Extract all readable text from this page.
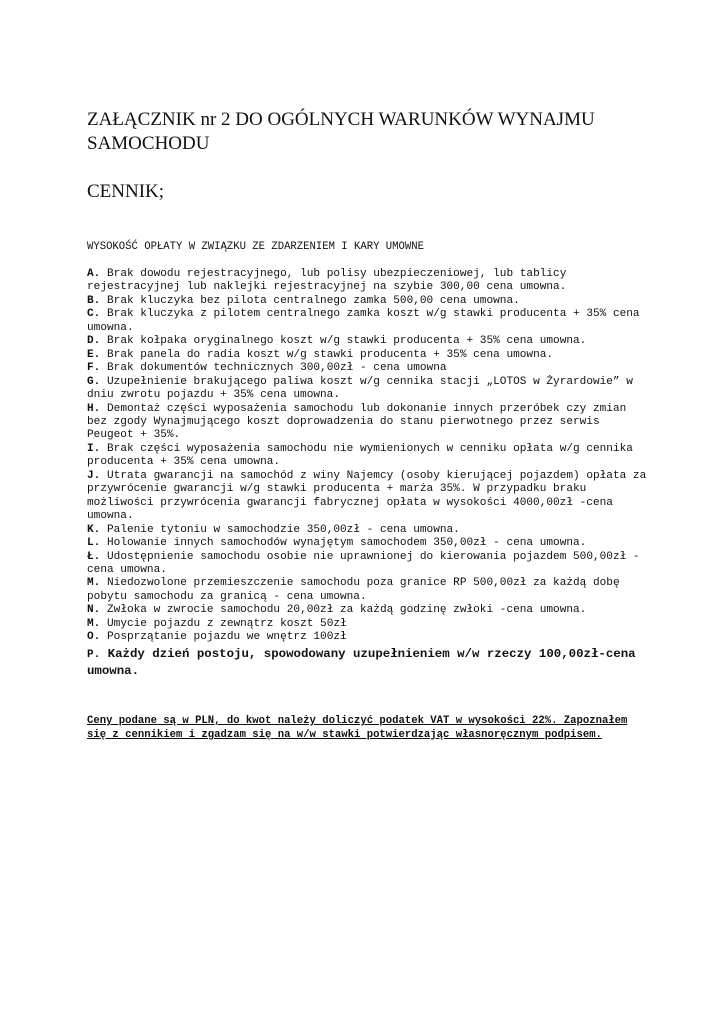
ZAŁĄCZNIK nr 2 DO OGÓLNYCH WARUNKÓW WYNAJMU SAMOCHODU
CENNIK;

WYSOKOŚĆ OPŁATY W ZWIĄZKU ZE ZDARZENIEM I KARY UMOWNE

A. Brak dowodu rejestracyjnego, lub polisy ubezpieczeniowej, lub tablicy rejestracyjnej lub naklejki rejestracyjnej na szybie 300,00 cena umowna.
B. Brak kluczyka bez pilota centralnego zamka 500,00 cena umowna.
C. Brak kluczyka z pilotem centralnego zamka koszt w/g stawki producenta + 35% cena umowna.
D. Brak kołpaka oryginalnego koszt w/g stawki producenta + 35% cena umowna.
E. Brak panela do radia koszt w/g stawki producenta + 35% cena umowna.
F. Brak dokumentów technicznych 300,00zł - cena umowna
G. Uzupełnienie brakującego paliwa koszt w/g cennika stacji „LOTOS w Żyrardowie” w dniu zwrotu pojazdu + 35% cena umowna.
H. Demontaż części wyposażenia samochodu lub dokonanie innych przeróbek czy zmian bez zgody Wynajmującego koszt doprowadzenia do stanu pierwotnego przez serwis Peugeot + 35%.
I. Brak części wyposażenia samochodu nie wymienionych w cenniku opłata w/g cennika producenta + 35% cena umowna.
J. Utrata gwarancji na samochód z winy Najemcy (osoby kierującej pojazdem) opłata za przywrócenie gwarancji w/g stawki producenta + marża 35%. W przypadku braku możliwości przywrócenia gwarancji fabrycznej opłata w wysokości 4000,00zł -cena umowna.
K. Palenie tytoniu w samochodzie 350,00zł - cena umowna.
L. Holowanie innych samochodów wynajętym samochodem 350,00zł - cena umowna.
Ł. Udostępnienie samochodu osobie nie uprawnionej do kierowania pojazdem 500,00zł - cena umowna.
M. Niedozwolone przemieszczenie samochodu poza granice RP 500,00zł za każdą dobę pobytu samochodu za granicą - cena umowna.
N. Zwłoka w zwrocie samochodu 20,00zł za każdą godzinę zwłoki -cena umowna.
M. Umycie pojazdu z zewnątrz koszt 50zł
O. Posprzątanie pojazdu we wnętrz 100zł
P. Każdy dzień postoju, spowodowany uzupełnieniem w/w rzeczy 100,00zł-cena umowna.

Ceny podane są w PLN, do kwot należy doliczyć podatek VAT w wysokości 22%. Zapoznałem się z cennikiem i zgadzam się na w/w stawki potwierdzając własnoręcznym podpisem.
